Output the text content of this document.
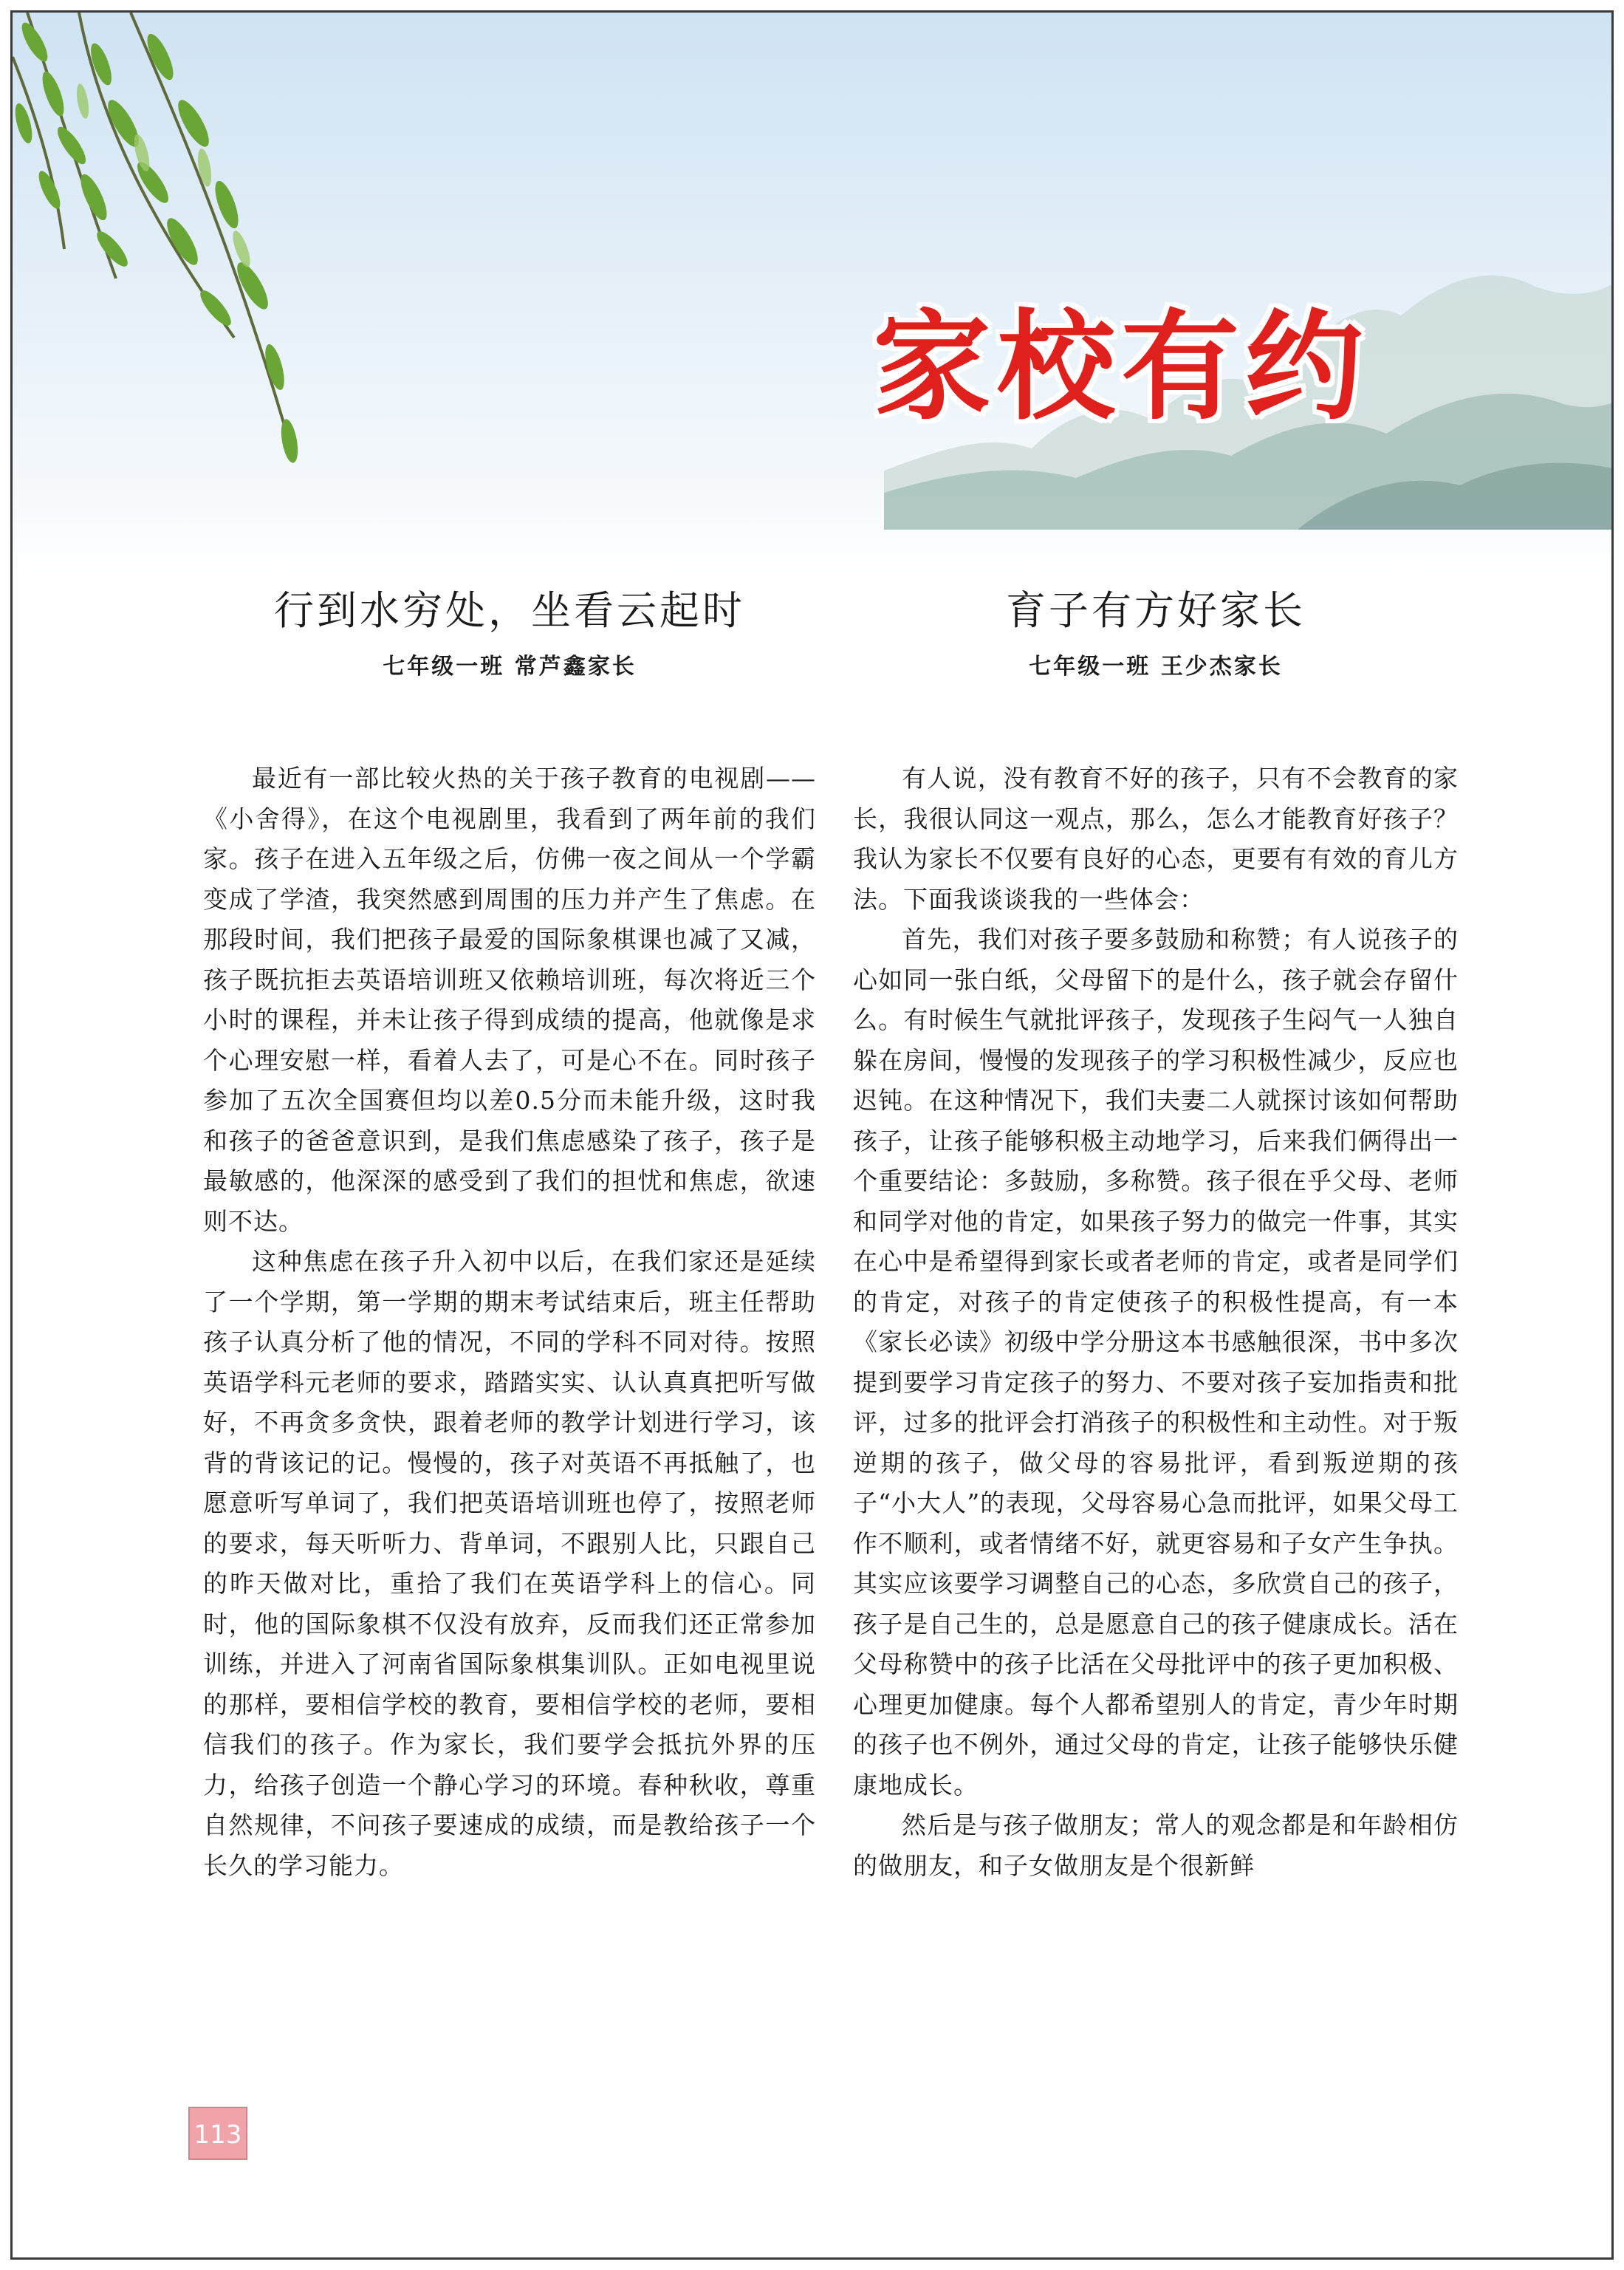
家校有约
行到水穷处，坐看云起时
七年级一班 常芦鑫家长

最近有一部比较火热的关于孩子教育的电视剧——《小舍得》，在这个电视剧里，我看到了两年前的我们家。孩子在进入五年级之后，仿佛一夜之间从一个学霸变成了学渣，我突然感到周围的压力并产生了焦虑。在那段时间，我们把孩子最爱的国际象棋课也减了又减，孩子既抗拒去英语培训班又依赖培训班，每次将近三个小时的课程，并未让孩子得到成绩的提高，他就像是求个心理安慰一样，看着人去了，可是心不在。同时孩子参加了五次全国赛但均以差0.5分而未能升级，这时我和孩子的爸爸意识到，是我们焦虑感染了孩子，孩子是最敏感的，他深深的感受到了我们的担忧和焦虑，欲速则不达。

这种焦虑在孩子升入初中以后，在我们家还是延续了一个学期，第一学期的期末考试结束后，班主任帮助孩子认真分析了他的情况，不同的学科不同对待。按照英语学科元老师的要求，踏踏实实、认认真真把听写做好，不再贪多贪快，跟着老师的教学计划进行学习，该背的背该记的记。慢慢的，孩子对英语不再抵触了，也愿意听写单词了，我们把英语培训班也停了，按照老师的要求，每天听听力、背单词，不跟别人比，只跟自己的昨天做对比，重拾了我们在英语学科上的信心。同时，他的国际象棋不仅没有放弃，反而我们还正常参加训练，并进入了河南省国际象棋集训队。正如电视里说的那样，要相信学校的教育，要相信学校的老师，要相信我们的孩子。作为家长，我们要学会抵抗外界的压力，给孩子创造一个静心学习的环境。春种秋收，尊重自然规律，不问孩子要速成的成绩，而是教给孩子一个长久的学习能力。

育子有方好家长
七年级一班 王少杰家长

有人说，没有教育不好的孩子，只有不会教育的家长，我很认同这一观点，那么，怎么才能教育好孩子？我认为家长不仅要有良好的心态，更要有有效的育儿方法。下面我谈谈我的一些体会：

首先，我们对孩子要多鼓励和称赞；有人说孩子的心如同一张白纸，父母留下的是什么，孩子就会存留什么。有时候生气就批评孩子，发现孩子生闷气一人独自躲在房间，慢慢的发现孩子的学习积极性减少，反应也迟钝。在这种情况下，我们夫妻二人就探讨该如何帮助孩子，让孩子能够积极主动地学习，后来我们俩得出一个重要结论：多鼓励，多称赞。孩子很在乎父母、老师和同学对他的肯定，如果孩子努力的做完一件事，其实在心中是希望得到家长或者老师的肯定，或者是同学们的肯定，对孩子的肯定使孩子的积极性提高，有一本《家长必读》初级中学分册这本书感触很深，书中多次提到要学习肯定孩子的努力、不要对孩子妄加指责和批评，过多的批评会打消孩子的积极性和主动性。对于叛逆期的孩子，做父母的容易批评，看到叛逆期的孩子“小大人”的表现，父母容易心急而批评，如果父母工作不顺利，或者情绪不好，就更容易和子女产生争执。其实应该要学习调整自己的心态，多欣赏自己的孩子，孩子是自己生的，总是愿意自己的孩子健康成长。活在父母称赞中的孩子比活在父母批评中的孩子更加积极、心理更加健康。每个人都希望别人的肯定，青少年时期的孩子也不例外，通过父母的肯定，让孩子能够快乐健康地成长。

然后是与孩子做朋友；常人的观念都是和年龄相仿的做朋友，和子女做朋友是个很新鲜

113
